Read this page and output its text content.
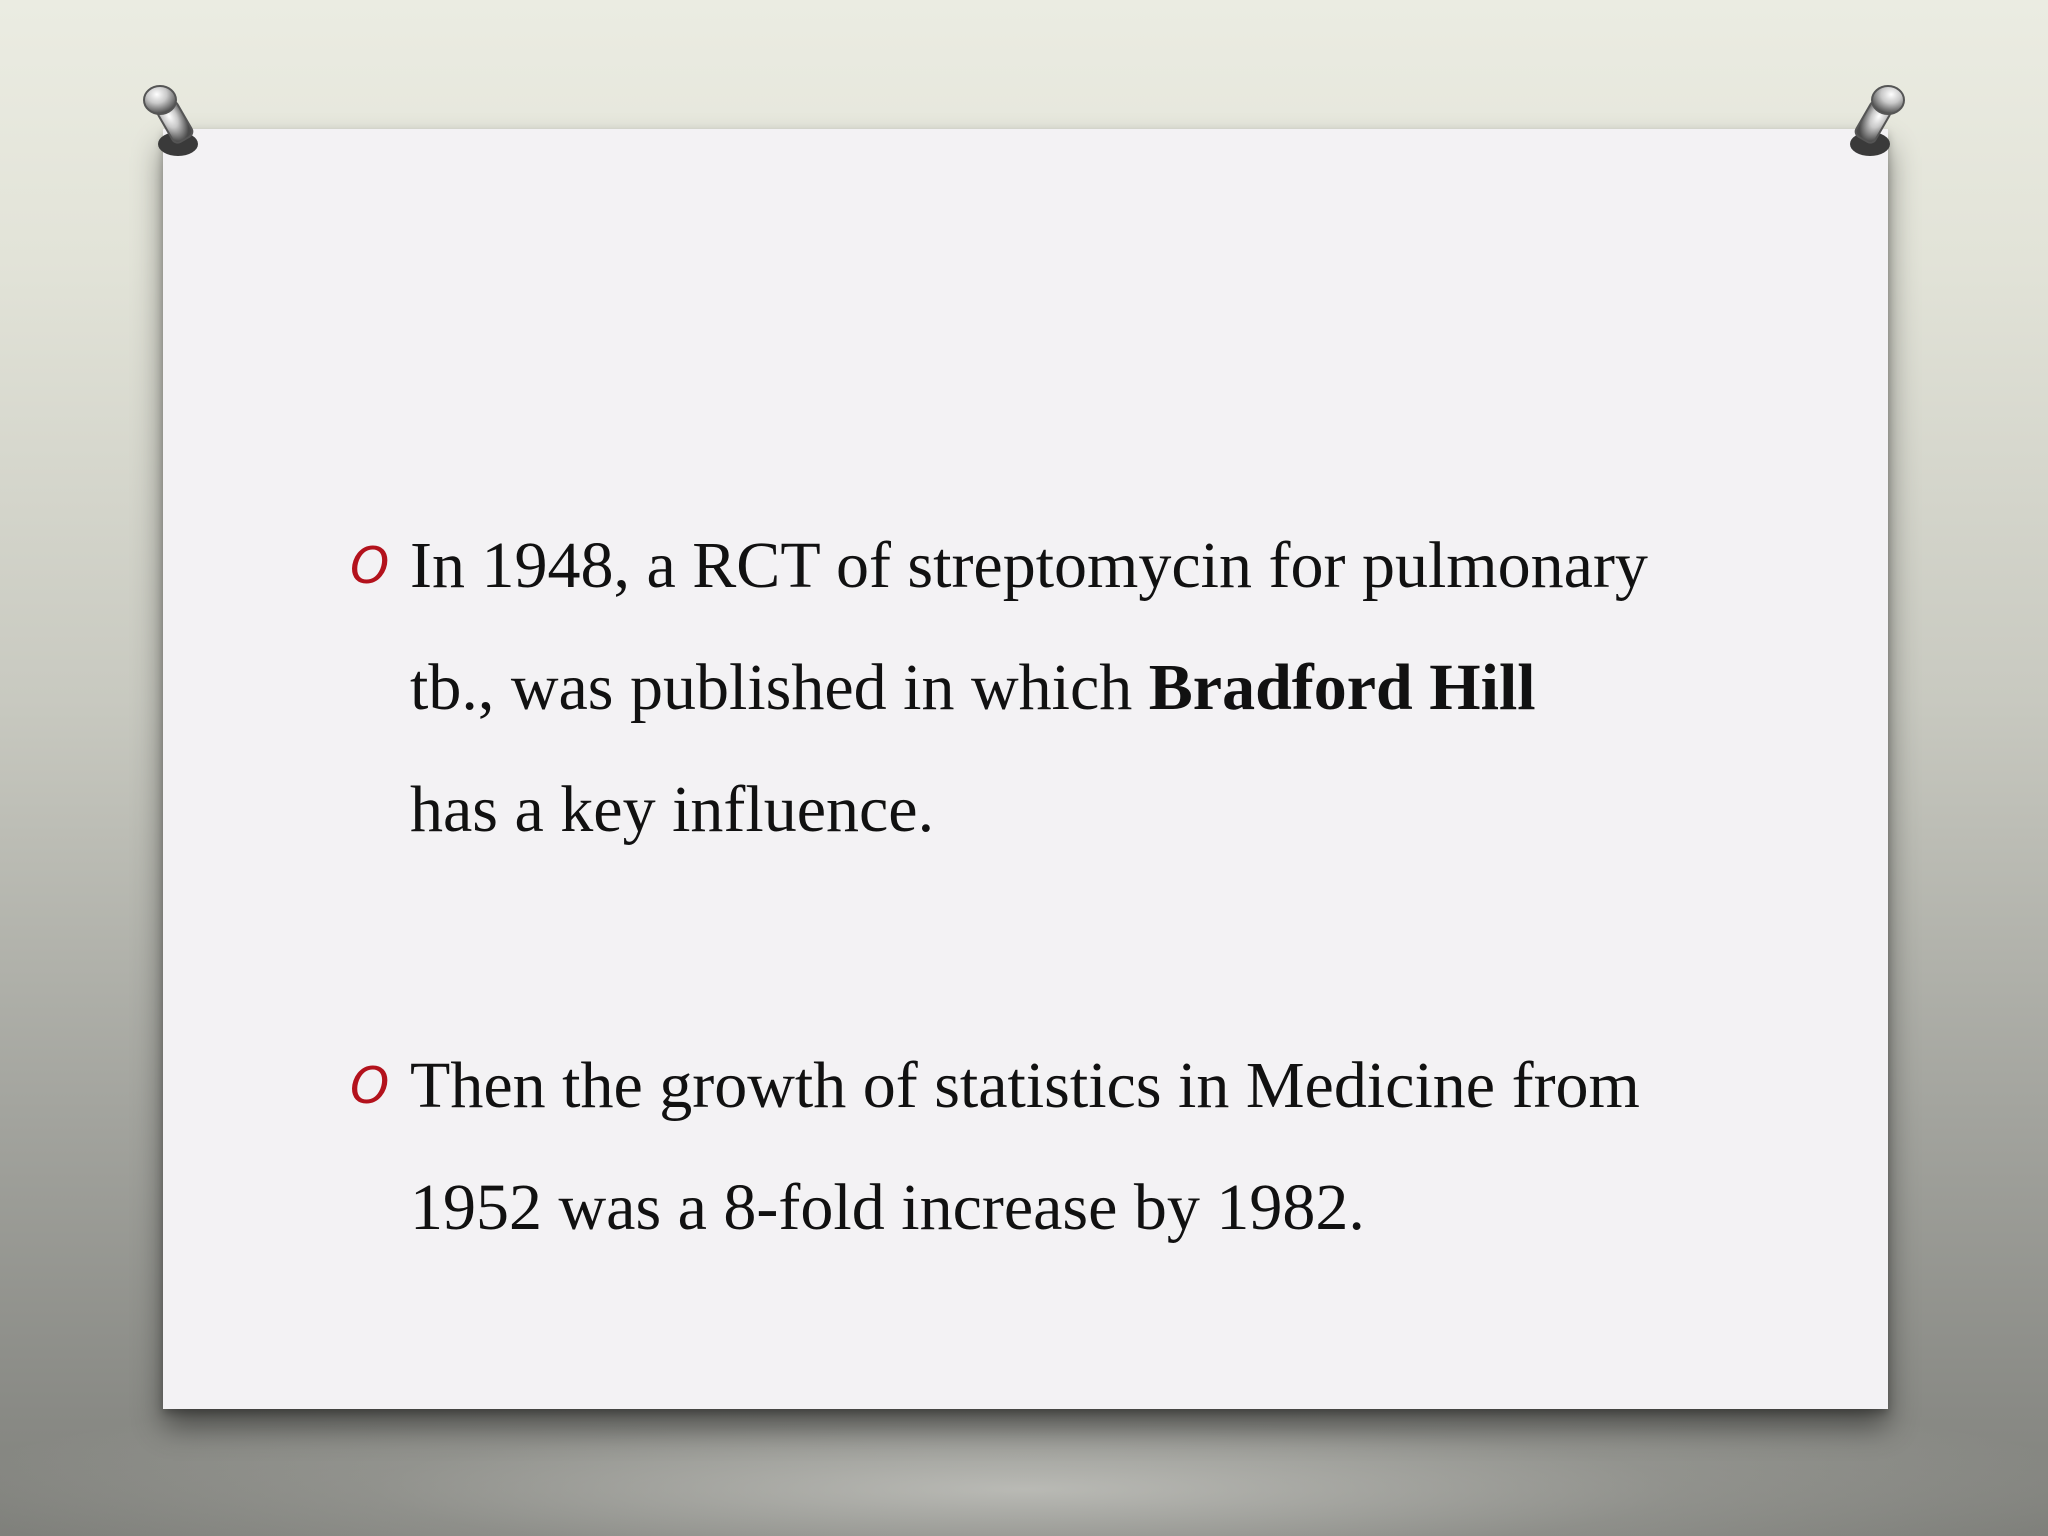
O In 1948, a RCT of streptomycin for pulmonary
tb., was published in which Bradford Hill
has a key influence.
O Then the growth of statistics in Medicine from
1952 was a 8-fold increase by 1982.
